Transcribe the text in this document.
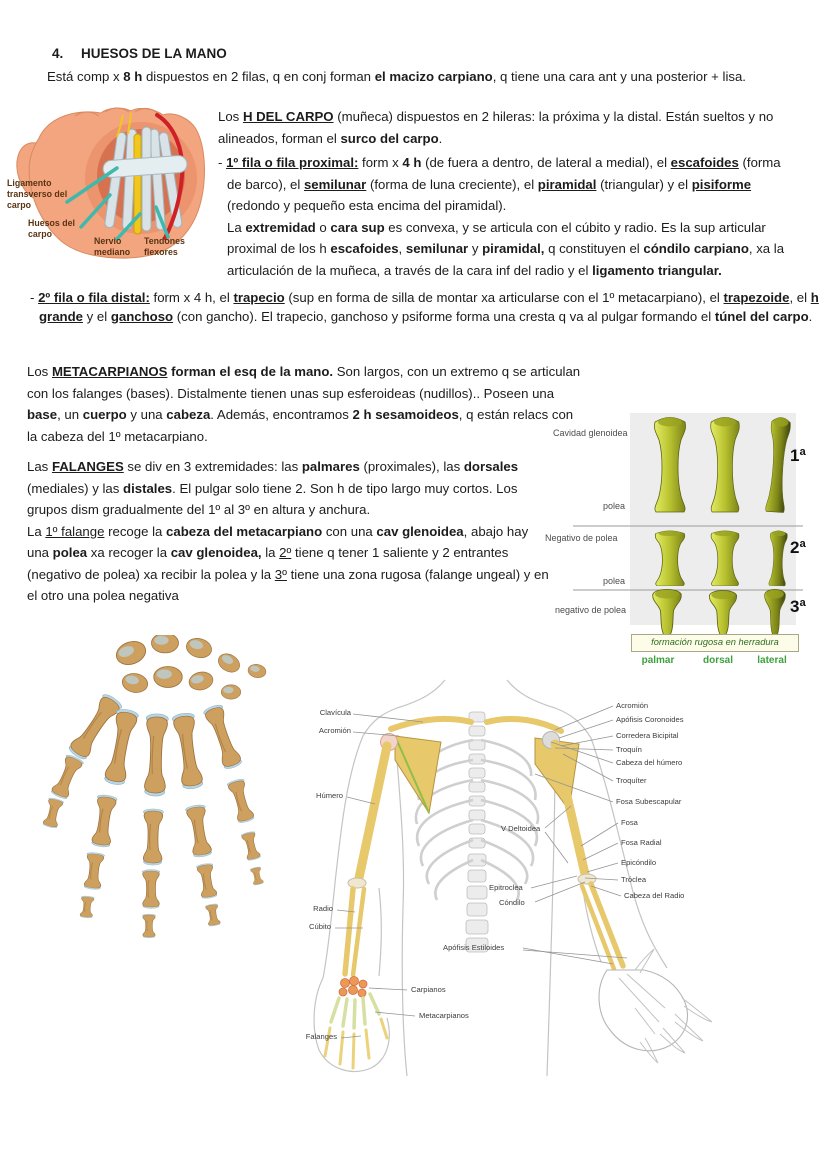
4. HUESOS DE LA MANO

Está comp x 8 h dispuestos en 2 filas, q en conj forman el macizo carpiano, q tiene una cara ant y una posterior + lisa.

Ligamento transverso del carpo
Huesos del carpo
Nervio mediano
Tendones flexores

Los H DEL CARPO (muñeca) dispuestos en 2 hileras: la próxima y la distal. Están sueltos y no alineados, forman el surco del carpo.

- 1º fila o fila proximal: form x 4 h (de fuera a dentro, de lateral a medial), el escafoides (forma de barco), el semilunar (forma de luna creciente), el piramidal (triangular) y el pisiforme (redondo y pequeño esta encima del piramidal).

La extremidad o cara sup es convexa, y se articula con el cúbito y radio. Es la sup articular proximal de los h escafoides, semilunar y piramidal, q constituyen el cóndilo carpiano, xa la articulación de la muñeca, a través de la cara inf del radio y el ligamento triangular.

- 2º fila o fila distal: form x 4 h, el trapecio (sup en forma de silla de montar xa articularse con el 1º metacarpiano), el trapezoide, el h grande y el ganchoso (con gancho). El trapecio, ganchoso y psiforme forma una cresta q va al pulgar formando el túnel del carpo.

Los METACARPIANOS forman el esq de la mano. Son largos, con un extremo q se articulan con los falanges (bases). Distalmente tienen unas sup esferoideas (nudillos).. Poseen una base, un cuerpo y una cabeza. Además, encontramos 2 h sesamoideos, q están relacs con la cabeza del 1º metacarpiano.

Las FALANGES se div en 3 extremidades: las palmares (proximales), las dorsales (mediales) y las distales. El pulgar solo tiene 2. Son h de tipo largo muy cortos. Los grupos dism gradualmente del 1º al 3º en altura y anchura.

La 1º falange recoge la cabeza del metacarpiano con una cav glenoidea, abajo hay una polea xa recoger la cav glenoidea, la 2º tiene q tener 1 saliente y 2 entrantes (negativo de polea) xa recibir la polea y la 3º tiene una zona rugosa (falange ungeal) y en el otro una polea negativa

Cavidad glenoidea
polea
Negativo de polea
polea
negativo de polea
1ª
2ª
3ª
formación rugosa en herradura
palmar	dorsal	lateral
Clavícula
Acromión
Húmero
Radio
Cúbito
Falanges
Carpianos
Metacarpianos
V Deltoidea
Epitroclea
Cóndilo
Apófisis Estiloides
Acromión
Apófisis Coronoides
Corredera Bicipital
Troquín
Cabeza del húmero
Troquíter
Fosa Subescapular
Fosa
Fosa Radial
Epicóndilo
Tróclea
Cabeza del Radio
